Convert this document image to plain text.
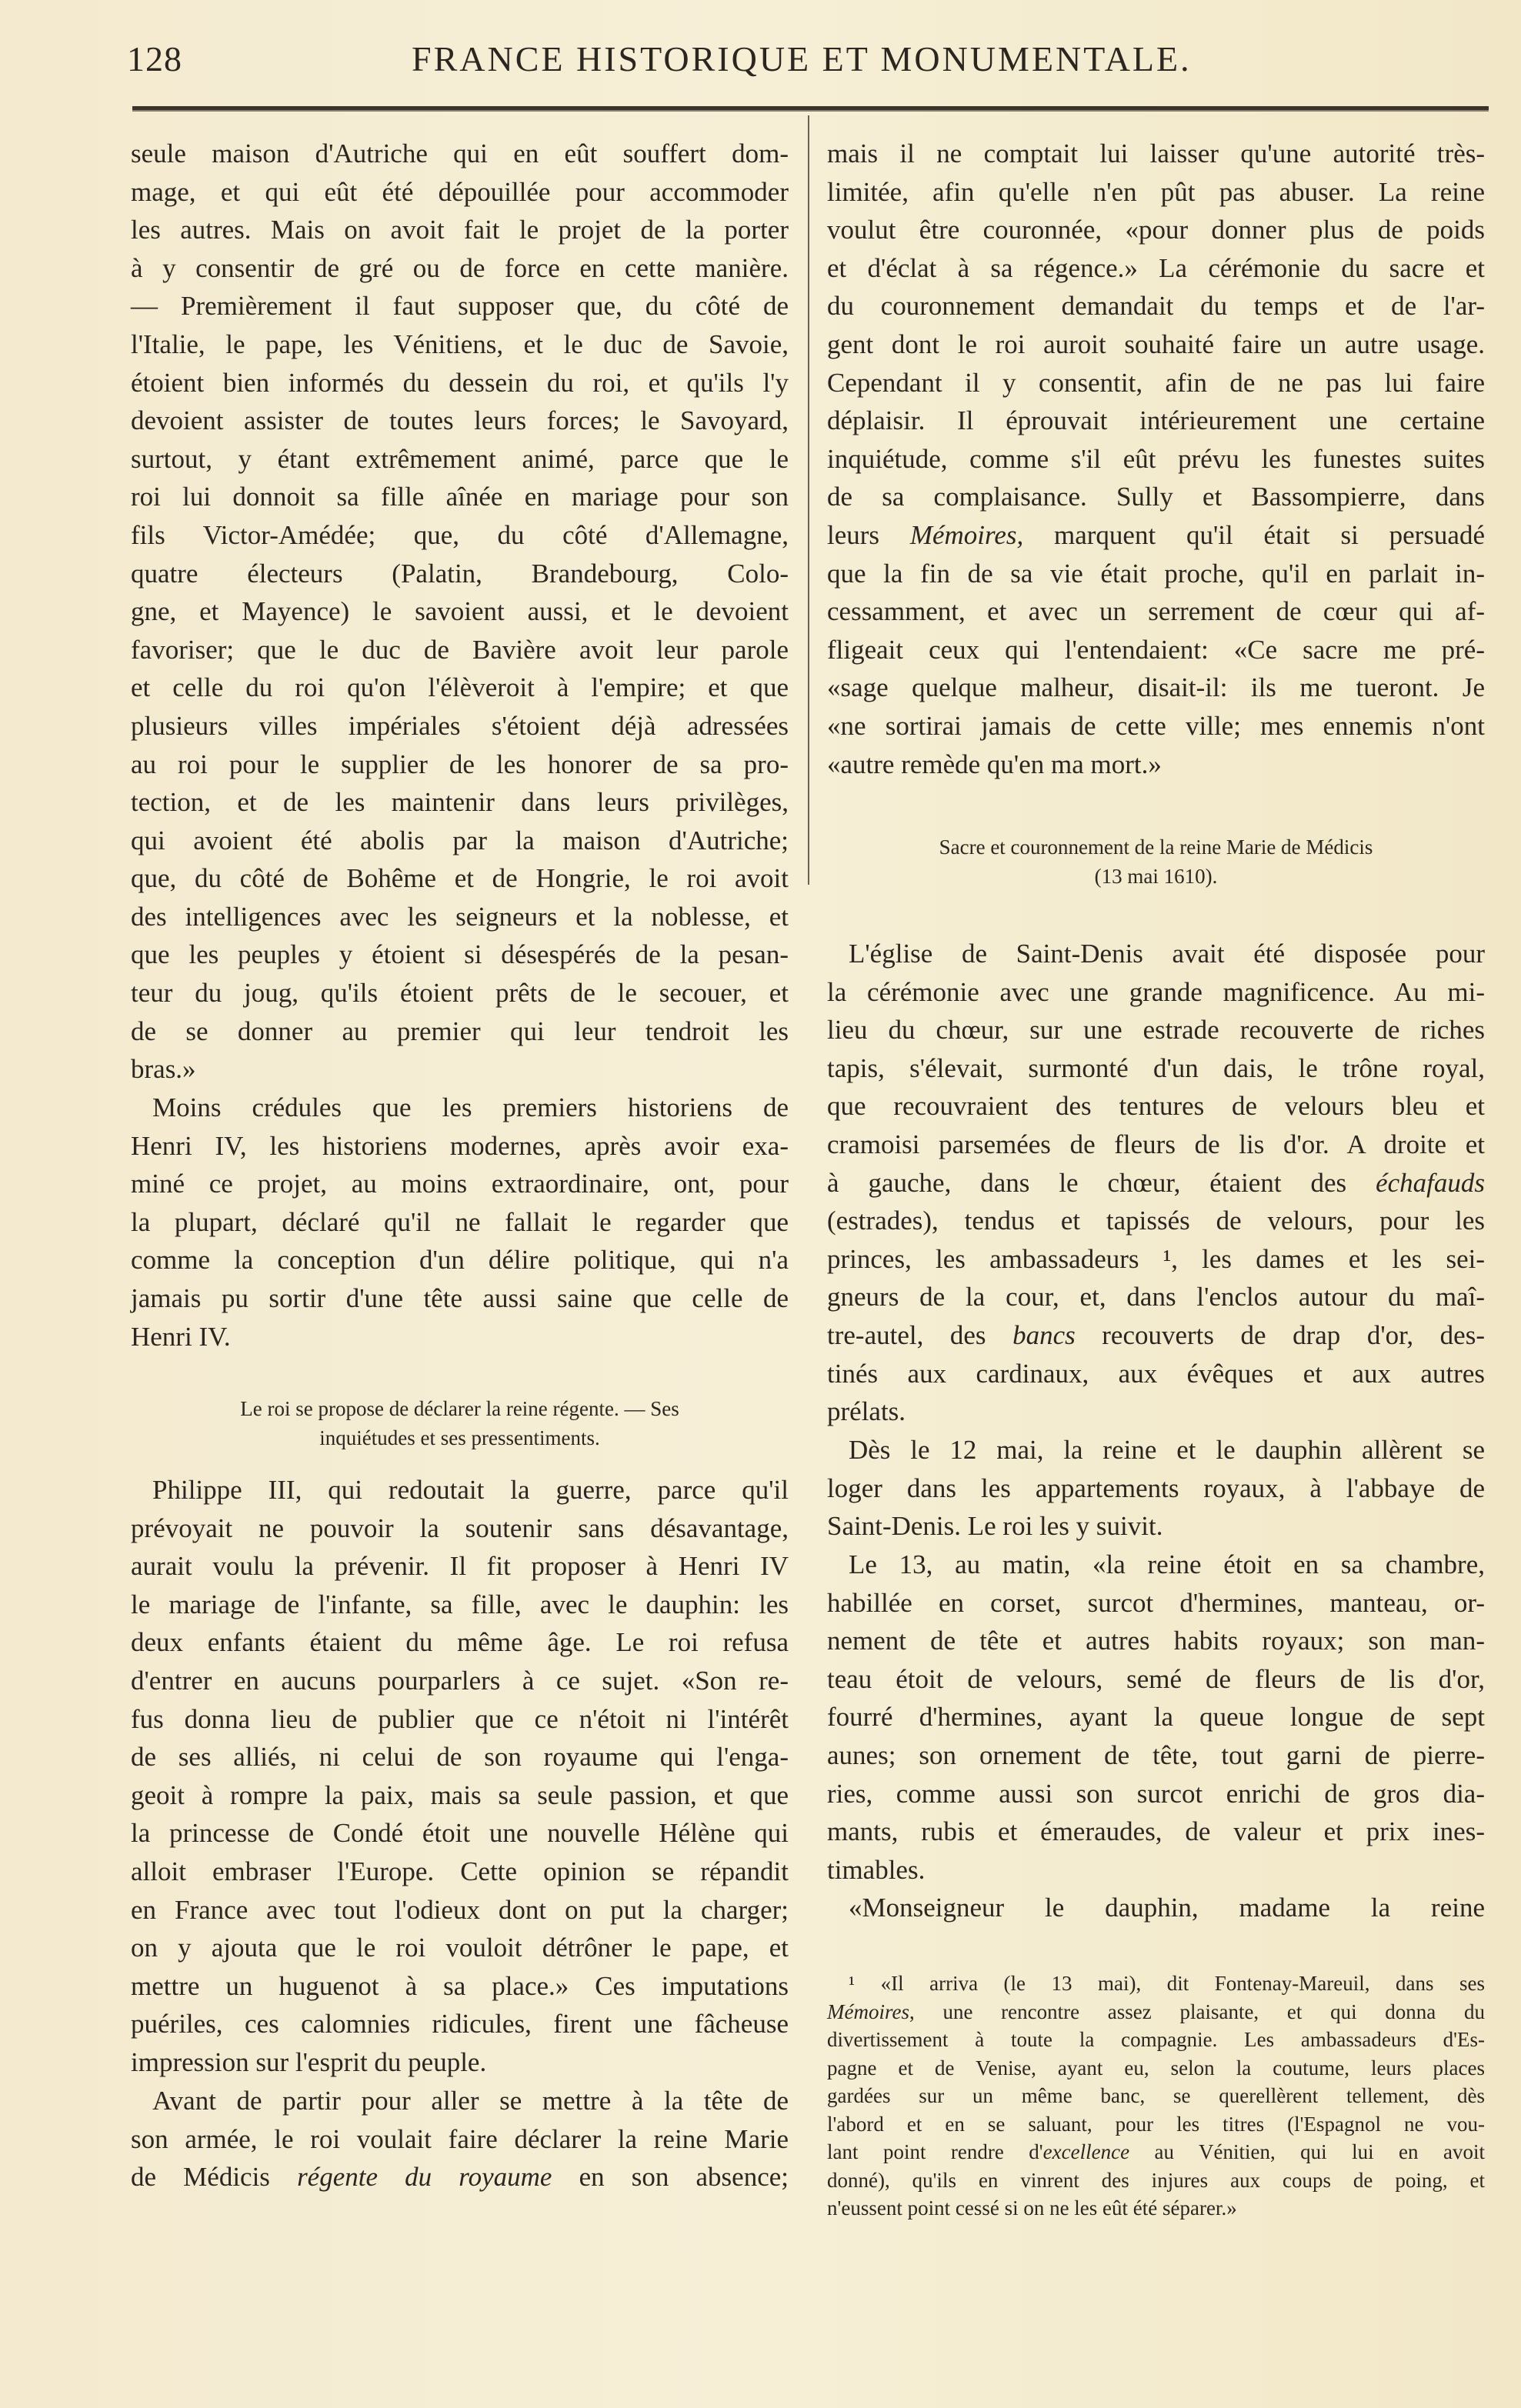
128	FRANCE HISTORIQUE ET MONUMENTALE.
seule maison d'Autriche qui en eût souffert dom-
mage, et qui eût été dépouillée pour accommoder
les autres. Mais on avoit fait le projet de la porter
à y consentir de gré ou de force en cette manière.
— Premièrement il faut supposer que, du côté de
l'Italie, le pape, les Vénitiens, et le duc de Savoie,
étoient bien informés du dessein du roi, et qu'ils l'y
devoient assister de toutes leurs forces; le Savoyard,
surtout, y étant extrêmement animé, parce que le
roi lui donnoit sa fille aînée en mariage pour son
fils Victor-Amédée; que, du côté d'Allemagne,
quatre électeurs (Palatin, Brandebourg, Colo-
gne, et Mayence) le savoient aussi, et le devoient
favoriser; que le duc de Bavière avoit leur parole
et celle du roi qu'on l'élèveroit à l'empire; et que
plusieurs villes impériales s'étoient déjà adressées
au roi pour le supplier de les honorer de sa pro-
tection, et de les maintenir dans leurs privilèges,
qui avoient été abolis par la maison d'Autriche;
que, du côté de Bohême et de Hongrie, le roi avoit
des intelligences avec les seigneurs et la noblesse, et
que les peuples y étoient si désespérés de la pesan-
teur du joug, qu'ils étoient prêts de le secouer, et
de se donner au premier qui leur tendroit les
bras.»
Moins crédules que les premiers historiens de
Henri IV, les historiens modernes, après avoir exa-
miné ce projet, au moins extraordinaire, ont, pour
la plupart, déclaré qu'il ne fallait le regarder que
comme la conception d'un délire politique, qui n'a
jamais pu sortir d'une tête aussi saine que celle de
Henri IV.
Le roi se propose de déclarer la reine régente. — Ses
inquiétudes et ses pressentiments.
Philippe III, qui redoutait la guerre, parce qu'il
prévoyait ne pouvoir la soutenir sans désavantage,
aurait voulu la prévenir. Il fit proposer à Henri IV
le mariage de l'infante, sa fille, avec le dauphin: les
deux enfants étaient du même âge. Le roi refusa
d'entrer en aucuns pourparlers à ce sujet. «Son re-
fus donna lieu de publier que ce n'étoit ni l'intérêt
de ses alliés, ni celui de son royaume qui l'enga-
geoit à rompre la paix, mais sa seule passion, et que
la princesse de Condé étoit une nouvelle Hélène qui
alloit embraser l'Europe. Cette opinion se répandit
en France avec tout l'odieux dont on put la charger;
on y ajouta que le roi vouloit détrôner le pape, et
mettre un huguenot à sa place.» Ces imputations
puériles, ces calomnies ridicules, firent une fâcheuse
impression sur l'esprit du peuple.
Avant de partir pour aller se mettre à la tête de
son armée, le roi voulait faire déclarer la reine Marie
de Médicis régente du royaume en son absence;
mais il ne comptait lui laisser qu'une autorité très-
limitée, afin qu'elle n'en pût pas abuser. La reine
voulut être couronnée, «pour donner plus de poids
et d'éclat à sa régence.» La cérémonie du sacre et
du couronnement demandait du temps et de l'ar-
gent dont le roi auroit souhaité faire un autre usage.
Cependant il y consentit, afin de ne pas lui faire
déplaisir. Il éprouvait intérieurement une certaine
inquiétude, comme s'il eût prévu les funestes suites
de sa complaisance. Sully et Bassompierre, dans
leurs Mémoires, marquent qu'il était si persuadé
que la fin de sa vie était proche, qu'il en parlait in-
cessamment, et avec un serrement de cœur qui af-
fligeait ceux qui l'entendaient: «Ce sacre me pré-
«sage quelque malheur, disait-il: ils me tueront. Je
«ne sortirai jamais de cette ville; mes ennemis n'ont
«autre remède qu'en ma mort.»
Sacre et couronnement de la reine Marie de Médicis
(13 mai 1610).
L'église de Saint-Denis avait été disposée pour
la cérémonie avec une grande magnificence. Au mi-
lieu du chœur, sur une estrade recouverte de riches
tapis, s'élevait, surmonté d'un dais, le trône royal,
que recouvraient des tentures de velours bleu et
cramoisi parsemées de fleurs de lis d'or. A droite et
à gauche, dans le chœur, étaient des échafauds
(estrades), tendus et tapissés de velours, pour les
princes, les ambassadeurs ¹, les dames et les sei-
gneurs de la cour, et, dans l'enclos autour du maî-
tre-autel, des bancs recouverts de drap d'or, des-
tinés aux cardinaux, aux évêques et aux autres
prélats.
Dès le 12 mai, la reine et le dauphin allèrent se
loger dans les appartements royaux, à l'abbaye de
Saint-Denis. Le roi les y suivit.
Le 13, au matin, «la reine étoit en sa chambre,
habillée en corset, surcot d'hermines, manteau, or-
nement de tête et autres habits royaux; son man-
teau étoit de velours, semé de fleurs de lis d'or,
fourré d'hermines, ayant la queue longue de sept
aunes; son ornement de tête, tout garni de pierre-
ries, comme aussi son surcot enrichi de gros dia-
mants, rubis et émeraudes, de valeur et prix ines-
timables.
«Monseigneur le dauphin, madame la reine
¹ «Il arriva (le 13 mai), dit Fontenay-Mareuil, dans ses
Mémoires, une rencontre assez plaisante, et qui donna du
divertissement à toute la compagnie. Les ambassadeurs d'Es-
pagne et de Venise, ayant eu, selon la coutume, leurs places
gardées sur un même banc, se querellèrent tellement, dès
l'abord et en se saluant, pour les titres (l'Espagnol ne vou-
lant point rendre d'excellence au Vénitien, qui lui en avoit
donné), qu'ils en vinrent des injures aux coups de poing, et
n'eussent point cessé si on ne les eût été séparer.»
